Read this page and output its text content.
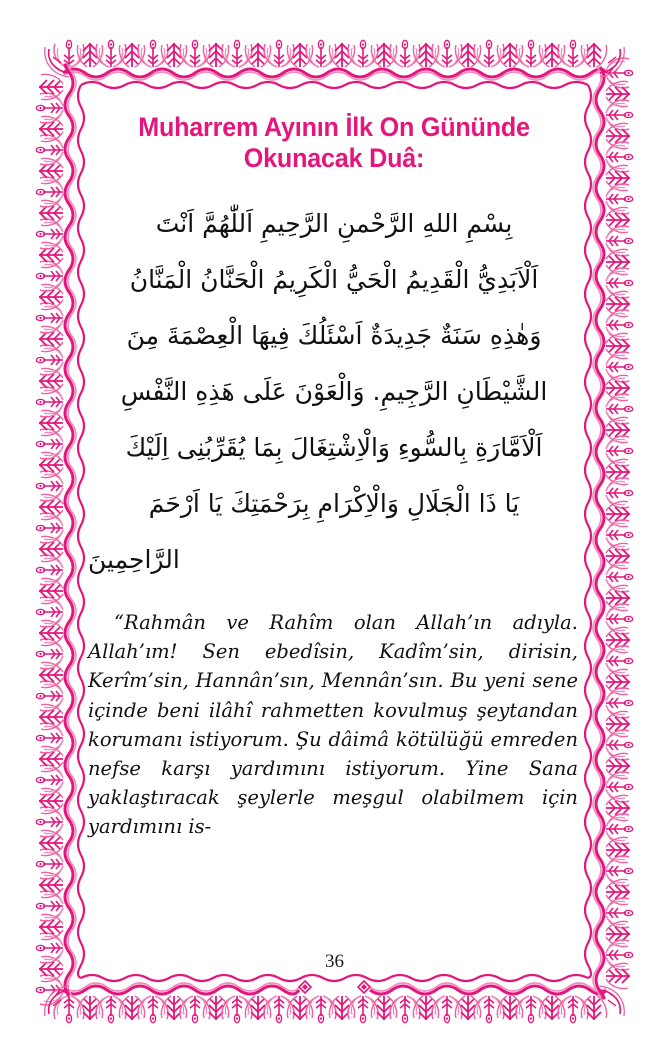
36
Muharrem Ayının İlk On Gününde
Okunacak Duâ:
بِسْمِ اللهِ الرَّحْمنِ الرَّحِيمِ اَللّٰهُمَّ اَنْتَ
اَلْاَبَدِيُّ الْقَدِيمُ الْحَيُّ الْكَرِيمُ الْحَنَّانُ الْمَنَّانُ
وَهٰذِهِ سَنَةٌ جَدِيدَةٌ اَسْئَلُكَ فِيهَا الْعِصْمَةَ مِنَ
الشَّيْطَانِ الرَّجِيمِ. وَالْعَوْنَ عَلَى هَذِهِ النَّفْسِ
اَلْاَمَّارَةِ بِالسُّوءِ وَالْاِشْتِغَالَ بِمَا يُقَرِّبُنِى اِلَيْكَ
يَا ذَا الْجَلَالِ وَالْاِكْرَامِ بِرَحْمَتِكَ يَا اَرْحَمَ
الرَّاحِمِينَ

“Rahmân ve Rahîm olan Allah’ın adıyla. Allah’ım! Sen ebedîsin, Kadîm’sin, dirisin, Kerîm’sin, Hannân’sın, Mennân’sın. Bu yeni sene içinde beni ilâhî rahmetten kovulmuş şeytandan korumanı istiyorum. Şu dâimâ kötülüğü emreden nefse karşı yardımını istiyorum. Yine Sana yaklaştıracak şeylerle meşgul olabilmem için yardımını is-
